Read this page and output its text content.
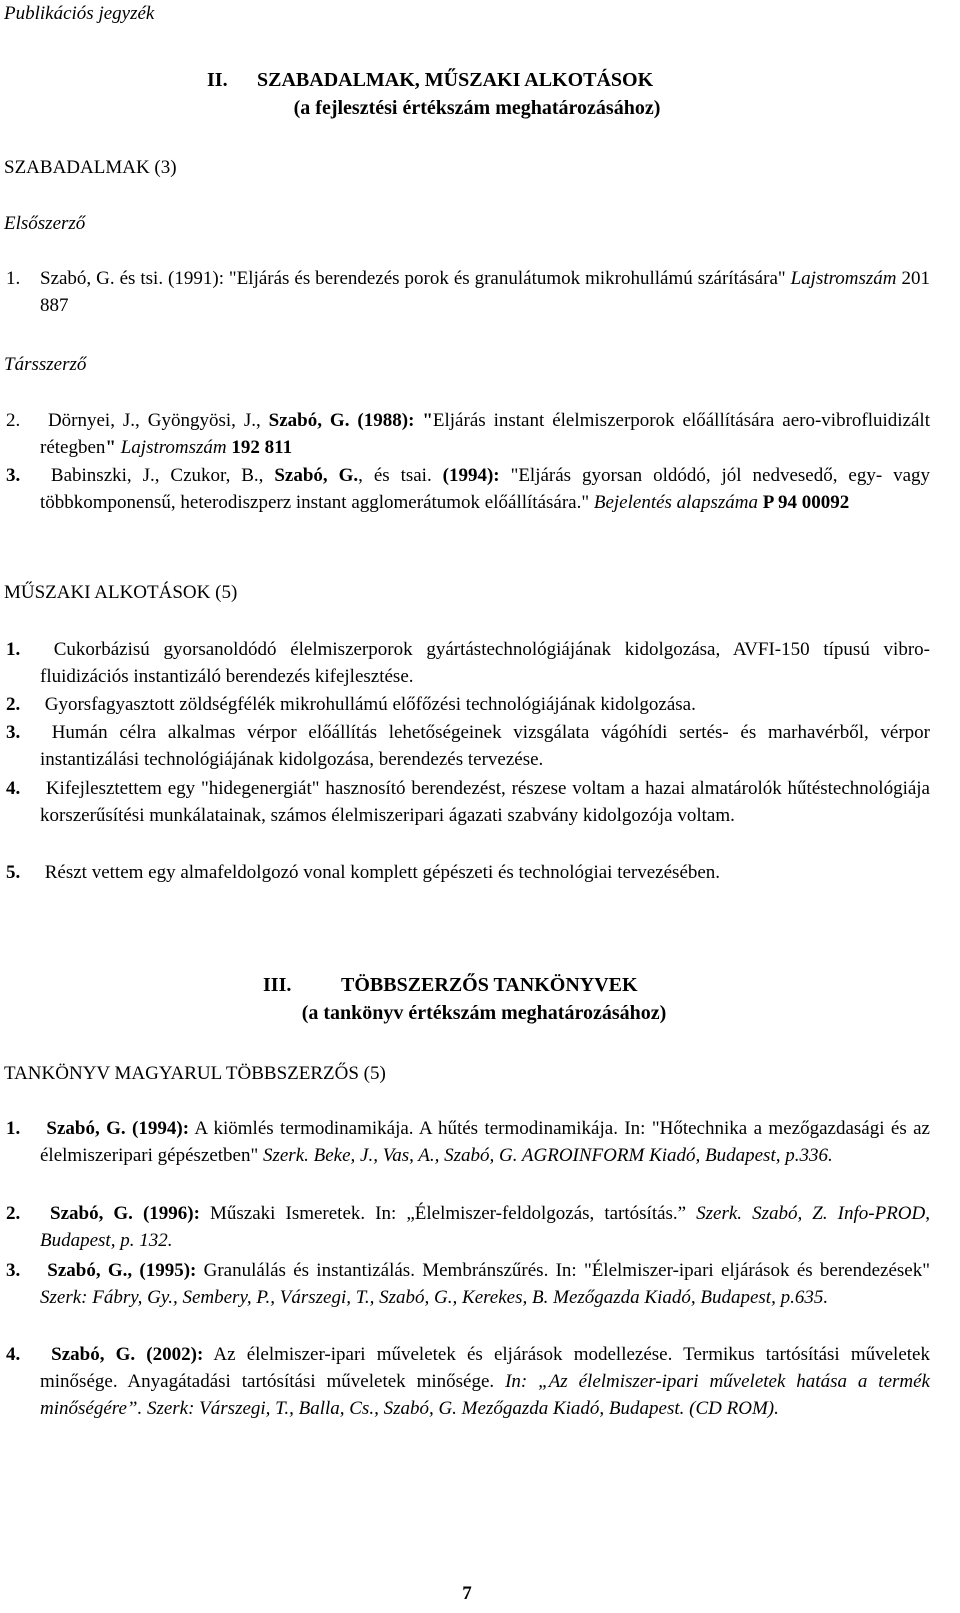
Publikációs jegyzék
II. SZABADALMAK, MŰSZAKI ALKOTÁSOK
(a fejlesztési értékszám meghatározásához)
SZABADALMAK (3)
Elsőszerző
1. Szabó, G. és tsi. (1991): "Eljárás és berendezés porok és granulátumok mikrohullámú szárítására" Lajstromszám 201 887
Társszerző
2. Dörnyei, J., Gyöngyösi, J., Szabó, G. (1988): "Eljárás instant élelmiszerporok előállítására aero-vibrofluidizált rétegben" Lajstromszám 192 811
3. Babinszki, J., Czukor, B., Szabó, G., és tsai. (1994): "Eljárás gyorsan oldódó, jól nedvesedő, egy- vagy többkomponensű, heterodiszperz instant agglomerátumok előállítására." Bejelentés alapszáma P 94 00092
MŰSZAKI ALKOTÁSOK (5)
1. Cukorbázisú gyorsanoldódó élelmiszerporok gyártástechnológiájának kidolgozása, AVFI-150 típusú vibro-fluidizációs instantizáló berendezés kifejlesztése.
2. Gyorsfagyasztott zöldségfélék mikrohullámú előfőzési technológiájának kidolgozása.
3. Humán célra alkalmas vérpor előállítás lehetőségeinek vizsgálata vágóhídi sertés- és marhavérből, vérpor instantizálási technológiájának kidolgozása, berendezés tervezése.
4. Kifejlesztettem egy "hidegenergiát" hasznosító berendezést, részese voltam a hazai almatárolók hűtéstechnológiája korszerűsítési munkálatainak, számos élelmiszeripari ágazati szabvány kidolgozója voltam.
5. Részt vettem egy almafeldolgozó vonal komplett gépészeti és technológiai tervezésében.
III. TÖBBSZERZŐS TANKÖNYVEK
(a tankönyv értékszám meghatározásához)
TANKÖNYV MAGYARUL TÖBBSZERZŐS (5)
1. Szabó, G. (1994): A kiömlés termodinamikája. A hűtés termodinamikája. In: "Hőtechnika a mezőgazdasági és az élelmiszeripari gépészetben" Szerk. Beke, J., Vas, A., Szabó, G. AGROINFORM Kiadó, Budapest, p.336.
2. Szabó, G. (1996): Műszaki Ismeretek. In: „Élelmiszer-feldolgozás, tartósítás.” Szerk. Szabó, Z. Info-PROD, Budapest, p. 132.
3. Szabó, G., (1995): Granulálás és instantizálás. Membránszűrés. In: "Élelmiszer-ipari eljárások és berendezések" Szerk: Fábry, Gy., Sembery, P., Várszegi, T., Szabó, G., Kerekes, B. Mezőgazda Kiadó, Budapest, p.635.
4. Szabó, G. (2002): Az élelmiszer-ipari műveletek és eljárások modellezése. Termikus tartósítási műveletek minősége. Anyagátadási tartósítási műveletek minősége. In: „Az élelmiszer-ipari műveletek hatása a termék minőségére”. Szerk: Várszegi, T., Balla, Cs., Szabó, G. Mezőgazda Kiadó, Budapest. (CD ROM).
7
